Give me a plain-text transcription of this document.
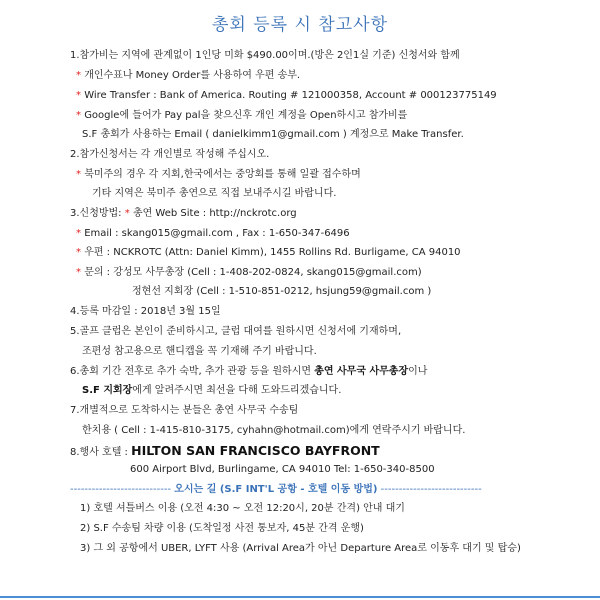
총회 등록 시 참고사항
1.참가비는 지역에 관계없이 1인당 미화 $490.00이며.(방은 2인1실 기준) 신청서와 함께
* 개인수표나 Money Order를 사용하여 우편 송부.
* Wire Transfer : Bank of America. Routing # 121000358, Account # 000123775149
* Google에 들어가 Pay pal을 찾으신후 개인 계정을 Open하시고 참가비를
S.F 총회가 사용하는 Email ( danielkimm1@gmail.com ) 계정으로 Make Transfer.
2.참가신청서는 각 개인별로 작성해 주십시오.
* 북미주의 경우 각 지회,한국에서는 중앙회를 통해 일괄 접수하며
기타 지역은 북미주 총연으로 직접 보내주시길 바랍니다.
3.신청방법: * 총연 Web Site : http://nckrotc.org
* Email : skang015@gmail.com , Fax : 1-650-347-6496
* 우편 : NCKROTC (Attn: Daniel Kimm), 1455 Rollins Rd. Burligame, CA 94010
* 문의 : 강성모 사무총장 (Cell : 1-408-202-0824, skang015@gmail.com)
정현선 지회장 (Cell : 1-510-851-0212, hsjung59@gmail.com )
4.등록 마감일 : 2018년 3월 15일
5.골프 클럽은 본인이 준비하시고, 클럽 대여를 원하시면 신청서에 기재하며,
조편성 참고용으로 핸디캡을 꼭 기재해 주기 바랍니다.
6.총회 기간 전후로 추가 숙박, 추가 관광 등을 원하시면 총연 사무국 사무총장이나
S.F 지회장에게 알려주시면 최선을 다해 도와드리겠습니다.
7.개별적으로 도착하시는 분들은 총연 사무국 수송팀
한치용 ( Cell : 1-415-810-3175, cyhahn@hotmail.com)에게 연락주시기 바랍니다.
8.행사 호텔 : HILTON SAN FRANCISCO BAYFRONT
600 Airport Blvd, Burlingame, CA 94010 Tel: 1-650-340-8500
---------------------------- 오시는 길 (S.F INT'L 공항 - 호텔 이동 방법) ----------------------------
1) 호텔 셔틀버스 이용 (오전 4:30 ~ 오전 12:20시, 20분 간격) 안내 대기
2) S.F 수송팀 차량 이용 (도착일정 사전 통보자, 45분 간격 운행)
3) 그 외 공항에서 UBER, LYFT 사용 (Arrival Area가 아닌 Departure Area로 이동후 대기 및 탑승)
